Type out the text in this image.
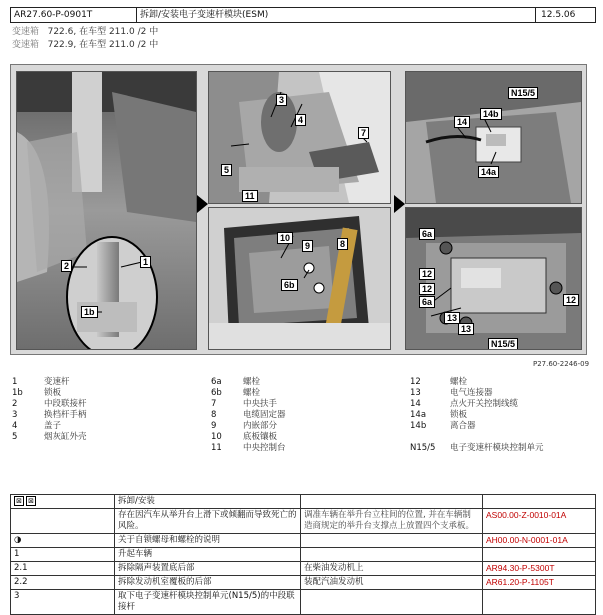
AR27.60-P-0901T	拆卸/安装电子变速杆模块(ESM)	12.5.06
变速箱 722.6, 在车型 211.0 /2 中
变速箱 722.9, 在车型 211.0 /2 中
2	1
1b
3
4
7
5
11
10
9	8
6b
N15/5
14b
14
14a
6a
12
12
12
6a
13
13
N15/5
P27.60-2246-09
1	变速杆
1b	锁板
2	中段联接杆
3	换档杆手柄
4	盖子
5	烟灰缸外壳
6a	螺栓
6b	螺栓
7	中央扶手
8	电缆固定器
9	内嵌部分
10	底板镶板
11	中央控制台
12	螺栓
13	电气连接器
14	点火开关控制线缆
14a	锁板
14b	离合器
N15/5	电子变速杆模块控制单元
⊠ ⊠	拆卸/安装		
	存在因汽车从举升台上滑下或倾翻而导致死亡的风险。	调准车辆在举升台立柱间的位置, 并在车辆制造商规定的举升台支撑点上放置四个支承板。	AS00.00-Z-0010-01A
◑	关于自锁螺母和螺栓的说明		AH00.00-N-0001-01A
1	升起车辆		
2.1	拆除隔声装置底后部	在柴油发动机上	AR94.30-P-5300T
2.2	拆除发动机室覆板的后部	装配汽油发动机	AR61.20-P-1105T
3	取下电子变速杆模块控制单元(N15/5)的中段联接杆		
